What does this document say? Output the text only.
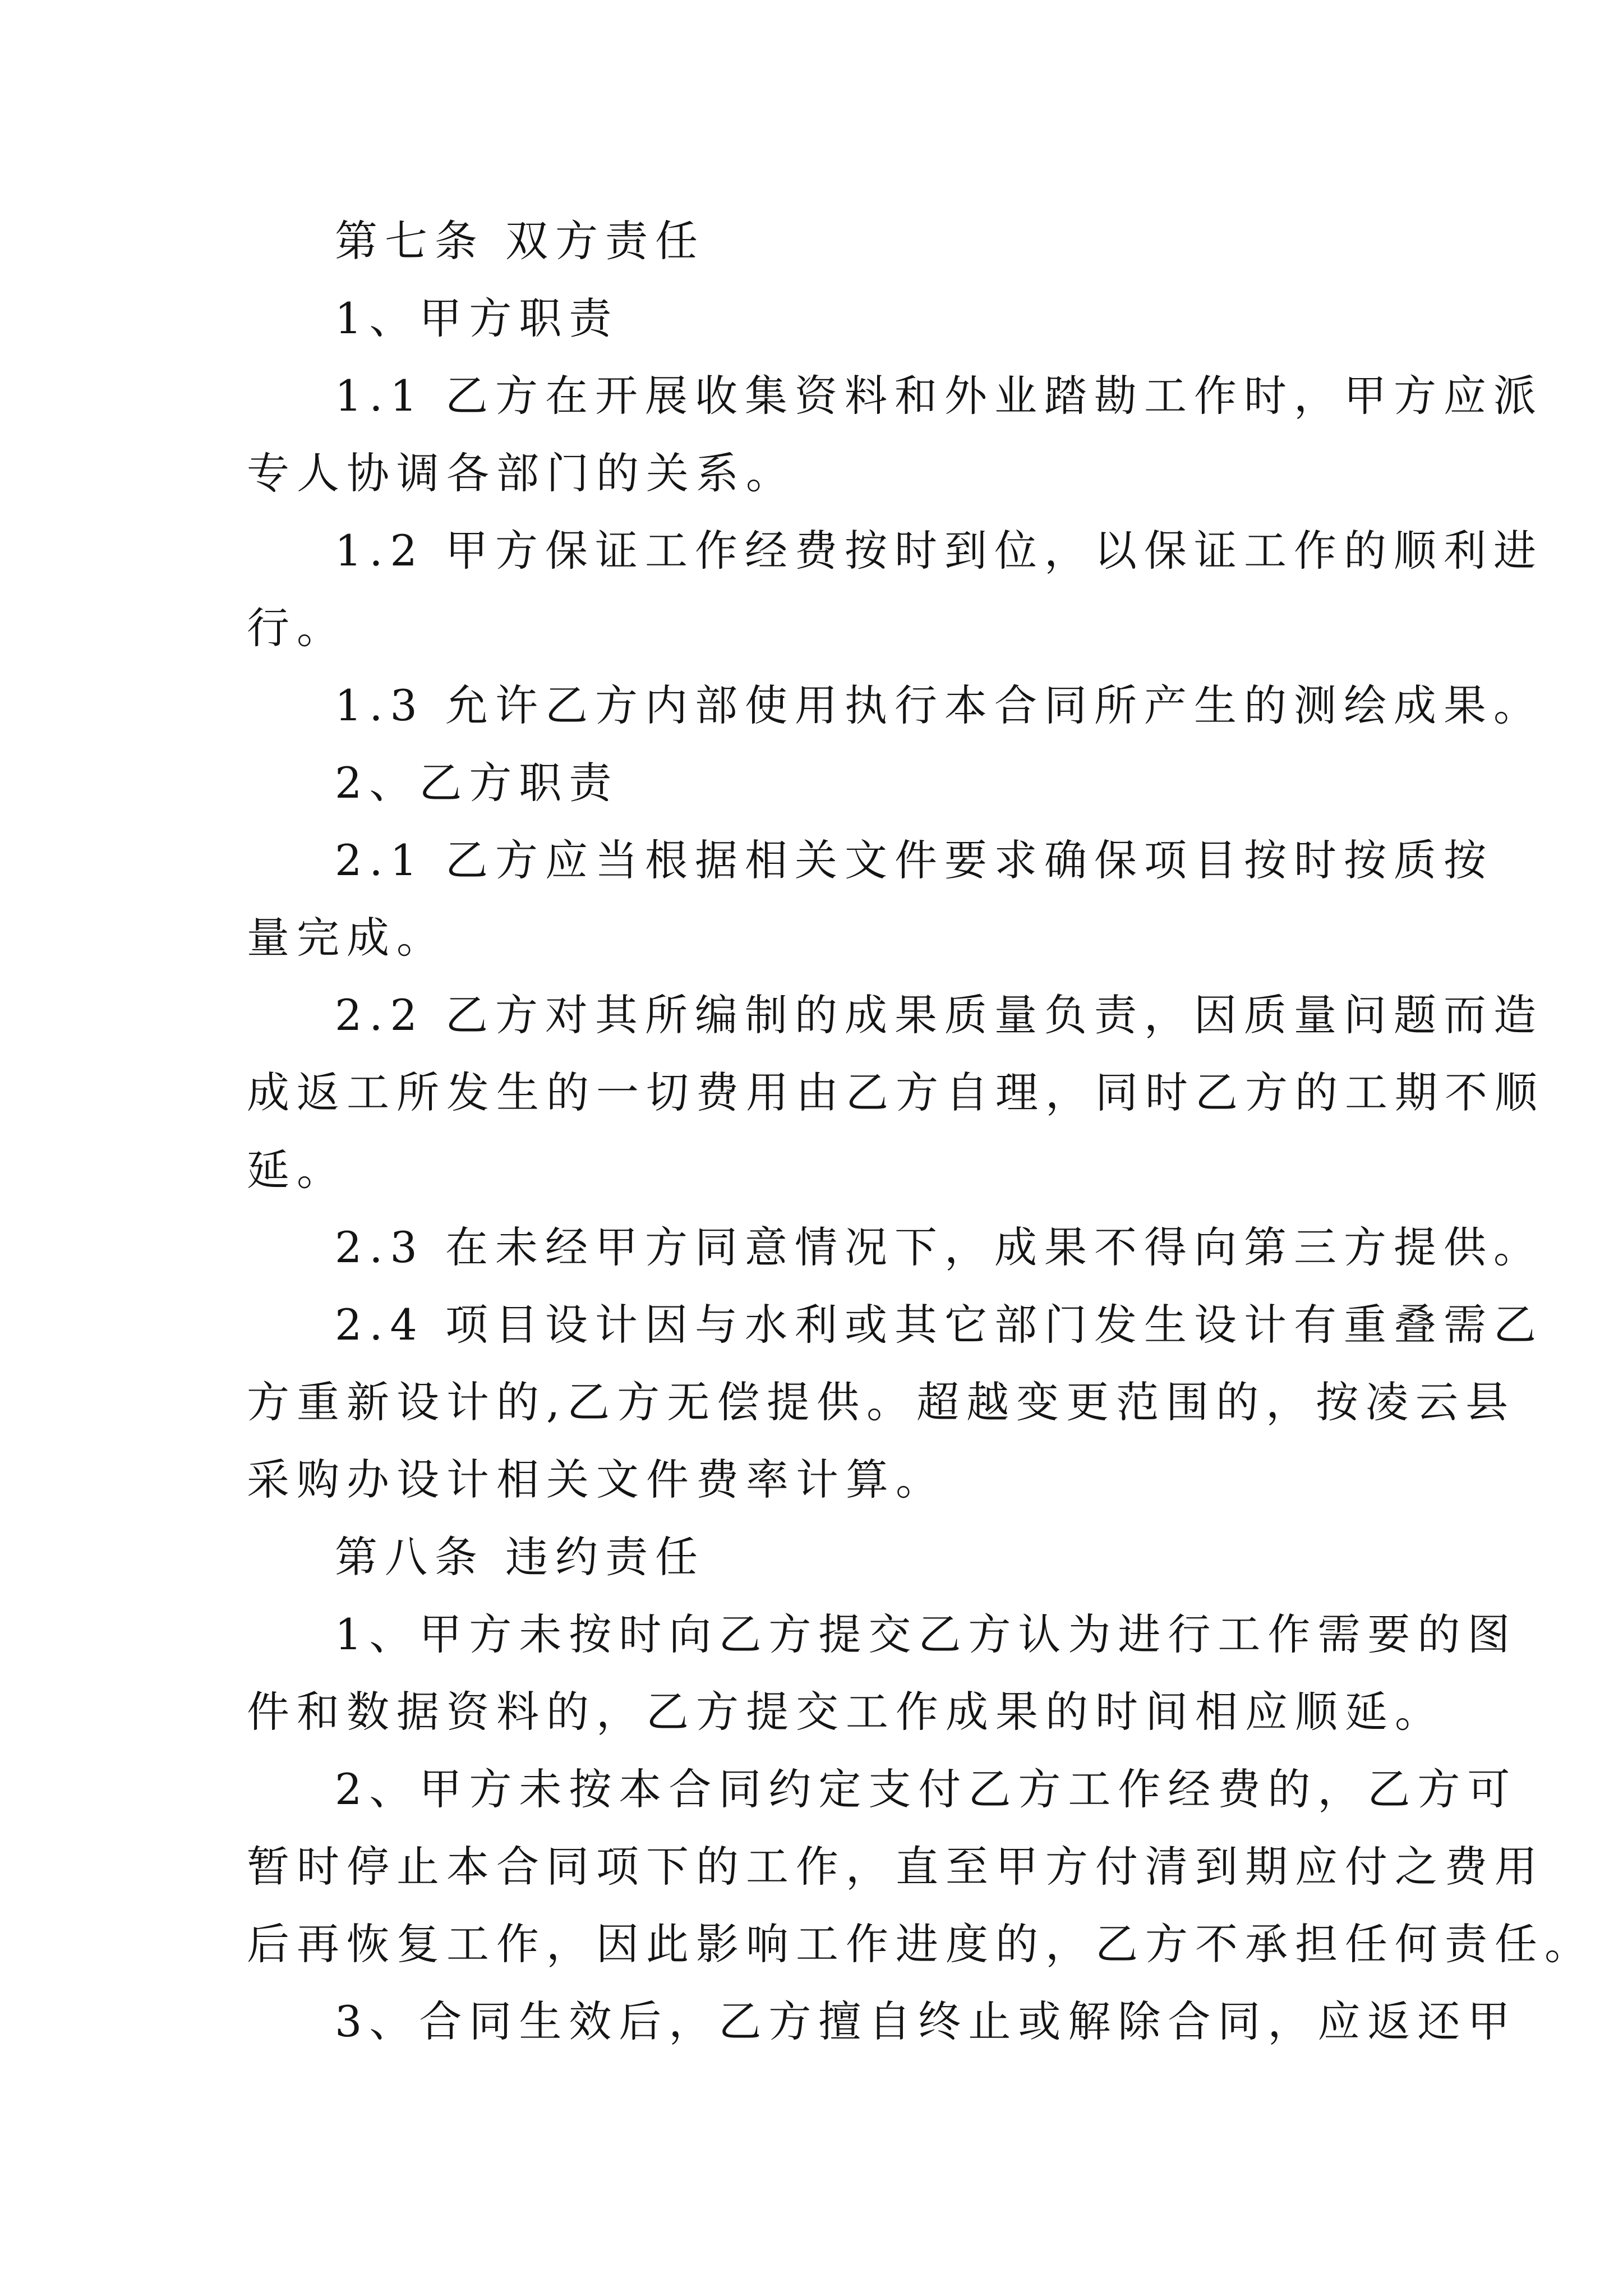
第七条 双方责任
1、甲方职责
1.1 乙方在开展收集资料和外业踏勘工作时，甲方应派
专人协调各部门的关系。
1.2 甲方保证工作经费按时到位，以保证工作的顺利进
行。
1.3 允许乙方内部使用执行本合同所产生的测绘成果。
2、乙方职责
2.1 乙方应当根据相关文件要求确保项目按时按质按
量完成。
2.2 乙方对其所编制的成果质量负责，因质量问题而造
成返工所发生的一切费用由乙方自理，同时乙方的工期不顺
延。
2.3 在未经甲方同意情况下，成果不得向第三方提供。
2.4 项目设计因与水利或其它部门发生设计有重叠需乙
方重新设计的,乙方无偿提供。超越变更范围的，按凌云县
采购办设计相关文件费率计算。
第八条 违约责任
1、甲方未按时向乙方提交乙方认为进行工作需要的图
件和数据资料的，乙方提交工作成果的时间相应顺延。
2、甲方未按本合同约定支付乙方工作经费的，乙方可
暂时停止本合同项下的工作，直至甲方付清到期应付之费用
后再恢复工作，因此影响工作进度的，乙方不承担任何责任。
3、合同生效后，乙方擅自终止或解除合同，应返还甲
